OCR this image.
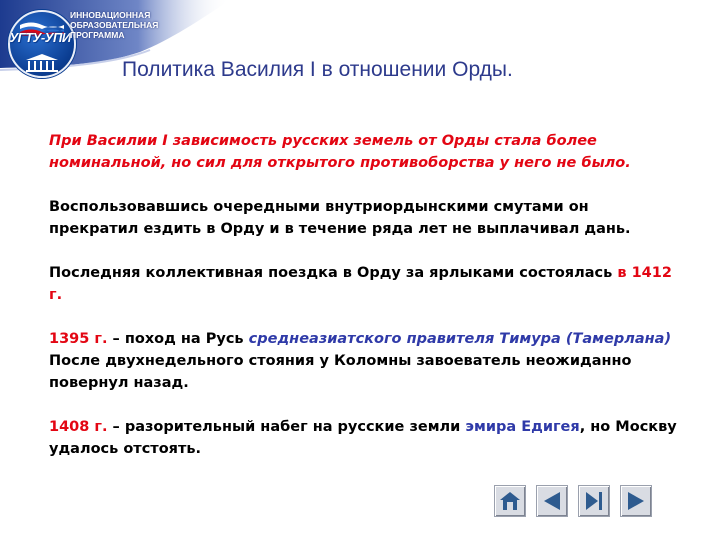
УГТУ-УПИ
ИННОВАЦИОННАЯ
ОБРАЗОВАТЕЛЬНАЯ
ПРОГРАММА
Политика Василия I в отношении Орды.

При Василии I зависимость русских земель от Орды стала более номинальной, но сил для открытого противоборства у него не было.

Воспользовавшись очередными внутриордынскими смутами он прекратил ездить в Орду и в течение ряда лет не выплачивал дань.

Последняя коллективная поездка в Орду за ярлыками состоялась в 1412 г.

1395 г. – поход на Русь среднеазиатского правителя Тимура (Тамерлана) После двухнедельного стояния у Коломны завоеватель неожиданно повернул назад.

1408 г. – разорительный набег на русские земли эмира Едигея, но Москву удалось отстоять.
